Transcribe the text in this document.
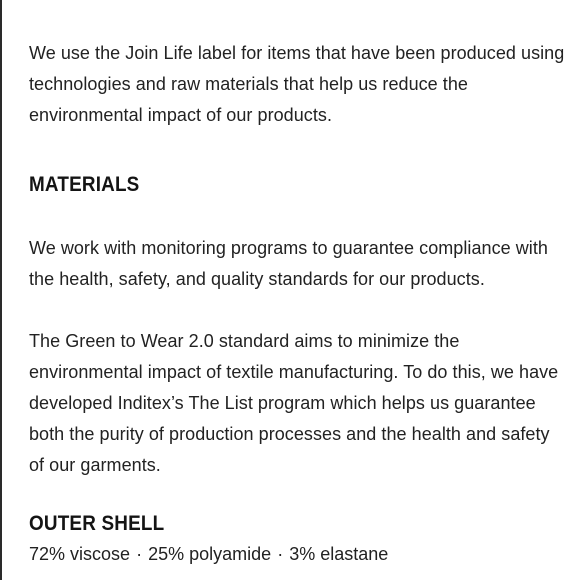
We use the Join Life label for items that have been produced using technologies and raw materials that help us reduce the environmental impact of our products.

MATERIALS

We work with monitoring programs to guarantee compliance with the health, safety, and quality standards for our products.

The Green to Wear 2.0 standard aims to minimize the environmental impact of textile manufacturing. To do this, we have developed Inditex’s The List program which helps us guarantee both the purity of production processes and the health and safety of our garments.

OUTER SHELL

72% viscose · 25% polyamide · 3% elastane
